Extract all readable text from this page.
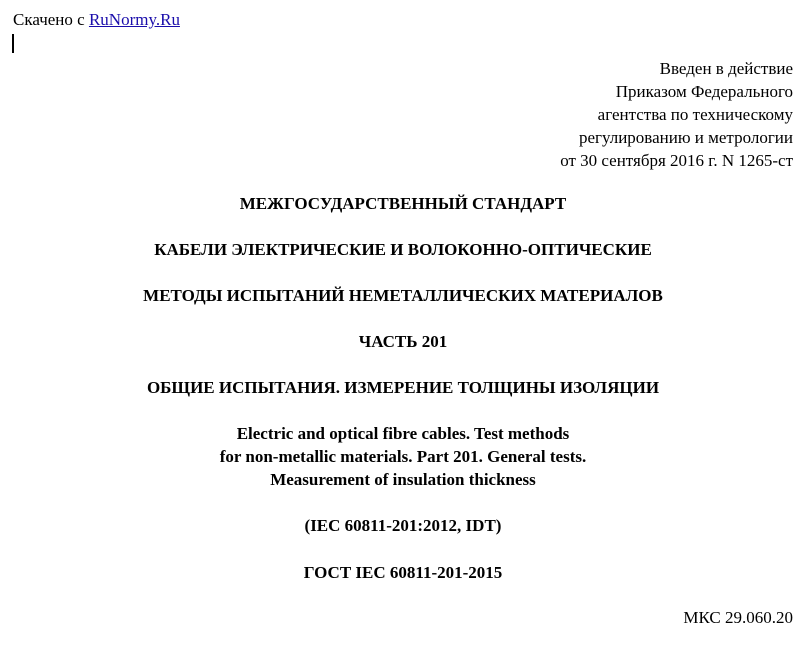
Скачено с RuNormy.Ru
Введен в действие
Приказом Федерального
агентства по техническому
регулированию и метрологии
от 30 сентября 2016 г. N 1265-ст
МЕЖГОСУДАРСТВЕННЫЙ СТАНДАРТ
КАБЕЛИ ЭЛЕКТРИЧЕСКИЕ И ВОЛОКОННО-ОПТИЧЕСКИЕ
МЕТОДЫ ИСПЫТАНИЙ НЕМЕТАЛЛИЧЕСКИХ МАТЕРИАЛОВ
ЧАСТЬ 201
ОБЩИЕ ИСПЫТАНИЯ. ИЗМЕРЕНИЕ ТОЛЩИНЫ ИЗОЛЯЦИИ
Electric and optical fibre cables. Test methods
for non-metallic materials. Part 201. General tests.
Measurement of insulation thickness
(IEC 60811-201:2012, IDT)
ГОСТ IEC 60811-201-2015
МКС 29.060.20
